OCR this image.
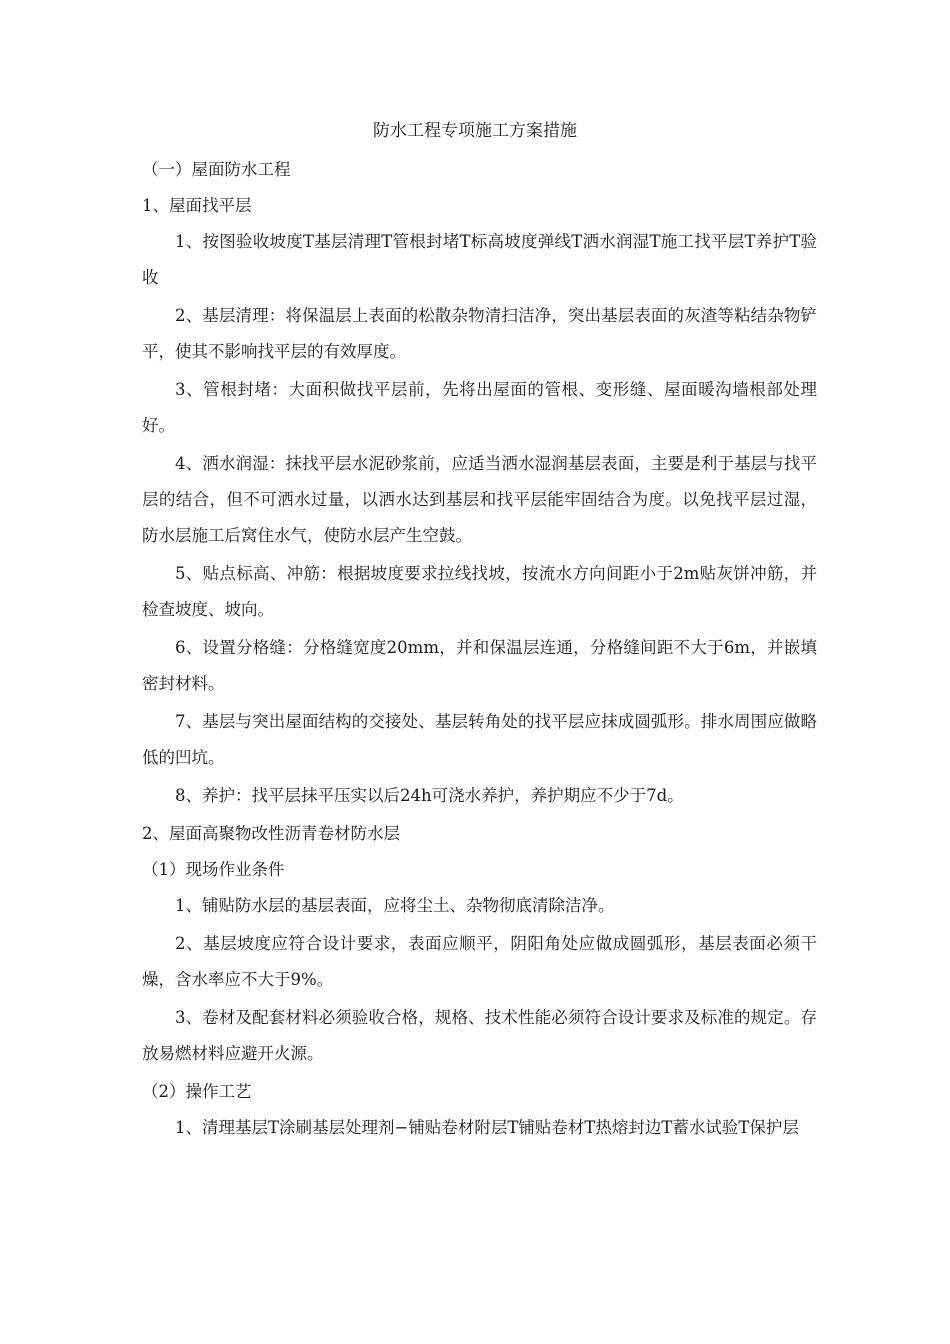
防水工程专项施工方案措施
（一）屋面防水工程
1、屋面找平层
1、按图验收坡度T基层清理T管根封堵T标高坡度弹线T洒水润湿T施工找平层T养护T验收
2、基层清理：将保温层上表面的松散杂物清扫洁净，突出基层表面的灰渣等粘结杂物铲平，使其不影响找平层的有效厚度。
3、管根封堵：大面积做找平层前，先将出屋面的管根、变形缝、屋面暖沟墙根部处理好。
4、洒水润湿：抹找平层水泥砂浆前，应适当洒水湿润基层表面，主要是利于基层与找平层的结合，但不可洒水过量，以洒水达到基层和找平层能牢固结合为度。以免找平层过湿，防水层施工后窝住水气，使防水层产生空鼓。
5、贴点标高、冲筋：根据坡度要求拉线找坡，按流水方向间距小于2m贴灰饼冲筋，并检查坡度、坡向。
6、设置分格缝：分格缝宽度20mm，并和保温层连通，分格缝间距不大于6m，并嵌填密封材料。
7、基层与突出屋面结构的交接处、基层转角处的找平层应抹成圆弧形。排水周围应做略低的凹坑。
8、养护：找平层抹平压实以后24h可浇水养护，养护期应不少于7d。
2、屋面高聚物改性沥青卷材防水层
（1）现场作业条件
1、铺贴防水层的基层表面，应将尘土、杂物彻底清除洁净。
2、基层坡度应符合设计要求，表面应顺平，阴阳角处应做成圆弧形，基层表面必须干燥，含水率应不大于9%。
3、卷材及配套材料必须验收合格，规格、技术性能必须符合设计要求及标准的规定。存放易燃材料应避开火源。
（2）操作工艺
1、清理基层T涂刷基层处理剂−铺贴卷材附层T铺贴卷材T热熔封边T蓄水试验T保护层
